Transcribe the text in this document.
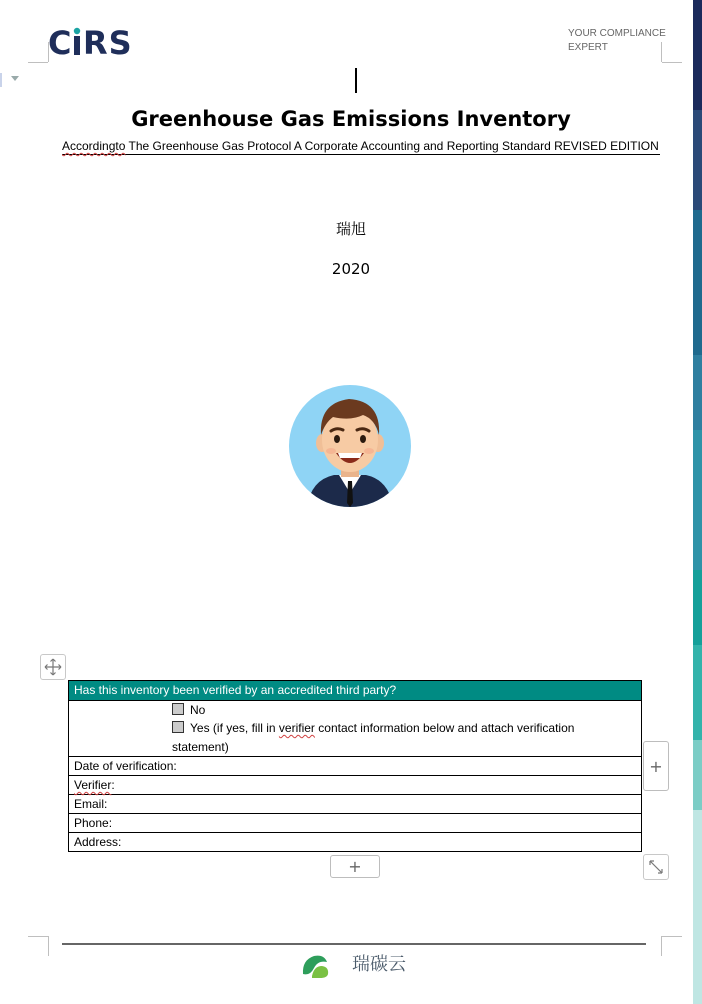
C RS	YOUR COMPLIANCE
EXPERT
Greenhouse Gas Emissions Inventory
Accordingto The Greenhouse Gas Protocol A Corporate Accounting and Reporting Standard REVISED EDITION
瑞旭
2020
Has this inventory been verified by an accredited third party?
No
Yes (if yes, fill in verifier contact information below and attach verification
statement)
Date of verification:
Verifier:
Email:
Phone:
Address:
+
+
瑞碳云
